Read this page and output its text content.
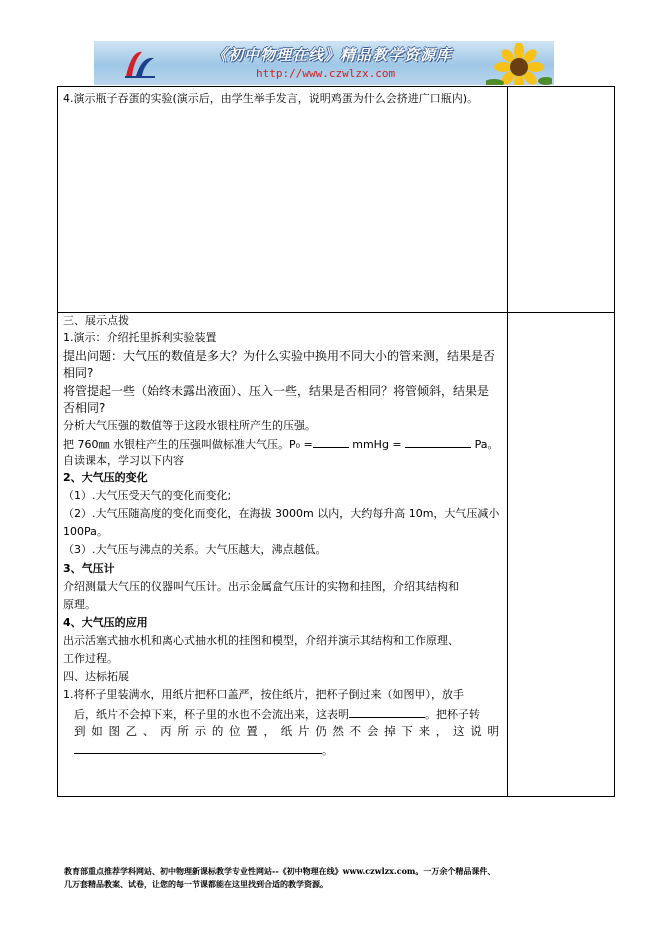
《初中物理在线》精品教学资源库
http://www.czwlzx.com
4.演示瓶子吞蛋的实验(演示后，由学生举手发言，说明鸡蛋为什么会挤进广口瓶内)。
三、展示点拨
1.演示：介绍托里拆利实验装置
提出问题：大气压的数值是多大？为什么实验中换用不同大小的管来测，结果是否
相同?
将管提起一些（始终未露出液面）、压入一些，结果是否相同？将管倾斜，结果是
否相同?
分析大气压强的数值等于这段水银柱所产生的压强。
把 760㎜ 水银柱产生的压强叫做标准大气压。P₀ =	mmHg =	Pa。
自读课本，学习以下内容
2、大气压的变化
（1）.大气压受天气的变化而变化;
（2）.大气压随高度的变化而变化，在海拔 3000m 以内，大约每升高 10m，大气压减小
100Pa。
（3）.大气压与沸点的关系。大气压越大，沸点越低。
3、气压计
介绍测量大气压的仪器叫气压计。出示金属盒气压计的实物和挂图，介绍其结构和
原理。
4、大气压的应用
出示活塞式抽水机和离心式抽水机的挂图和模型，介绍并演示其结构和工作原理、
工作过程。
四、达标拓展
1.将杯子里装满水，用纸片把杯口盖严，按住纸片，把杯子倒过来（如图甲），放手
后，纸片不会掉下来，杯子里的水也不会流出来，这表明	。把杯子转
到如图乙、丙所示的位置，纸片仍然不会掉下来，这说明
。
教育部重点推荐学科网站、初中物理新课标教学专业性网站--《初中物理在线》www.czwlzx.com。一万余个精品课件、
几万套精品教案、试卷，让您的每一节课都能在这里找到合适的教学资源。
